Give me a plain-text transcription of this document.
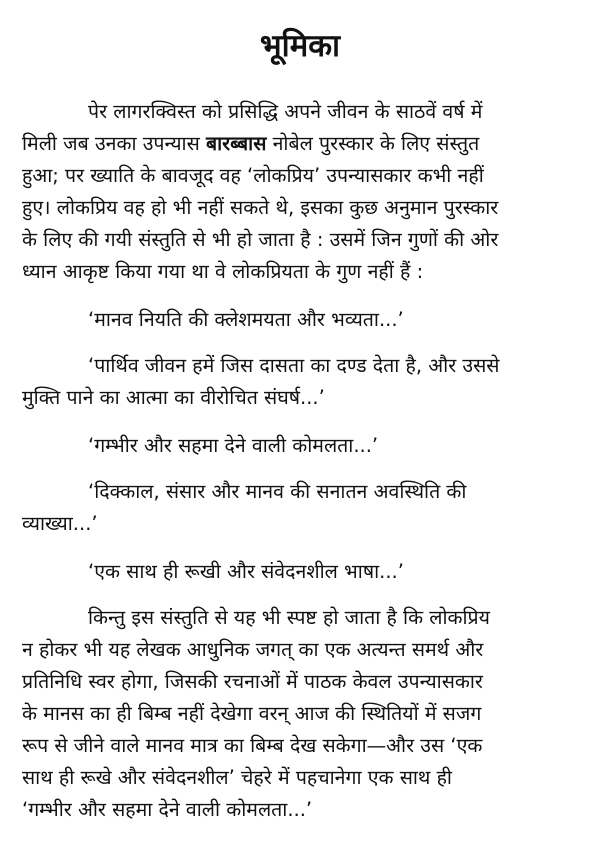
भूमिका
पेर लागरक्विस्त को प्रसिद्धि अपने जीवन के साठवें वर्ष में
मिली जब उनका उपन्यास बारब्बास नोबेल पुरस्कार के लिए संस्तुत
हुआ; पर ख्याति के बावजूद वह ‘लोकप्रिय’ उपन्यासकार कभी नहीं
हुए। लोकप्रिय वह हो भी नहीं सकते थे, इसका कुछ अनुमान पुरस्कार
के लिए की गयी संस्तुति से भी हो जाता है : उसमें जिन गुणों की ओर
ध्यान आकृष्ट किया गया था वे लोकप्रियता के गुण नहीं हैं :
‘मानव नियति की क्लेशमयता और भव्यता...’
‘पार्थिव जीवन हमें जिस दासता का दण्ड देता है, और उससे
मुक्ति पाने का आत्मा का वीरोचित संघर्ष...’
‘गम्भीर और सहमा देने वाली कोमलता...’
‘दिक्काल, संसार और मानव की सनातन अवस्थिति की
व्याख्या...’
‘एक साथ ही रूखी और संवेदनशील भाषा...’
किन्तु इस संस्तुति से यह भी स्पष्ट हो जाता है कि लोकप्रिय
न होकर भी यह लेखक आधुनिक जगत् का एक अत्यन्त समर्थ और
प्रतिनिधि स्वर होगा, जिसकी रचनाओं में पाठक केवल उपन्यासकार
के मानस का ही बिम्ब नहीं देखेगा वरन् आज की स्थितियों में सजग
रूप से जीने वाले मानव मात्र का बिम्ब देख सकेगा—और उस ‘एक
साथ ही रूखे और संवेदनशील’ चेहरे में पहचानेगा एक साथ ही
‘गम्भीर और सहमा देने वाली कोमलता...’
